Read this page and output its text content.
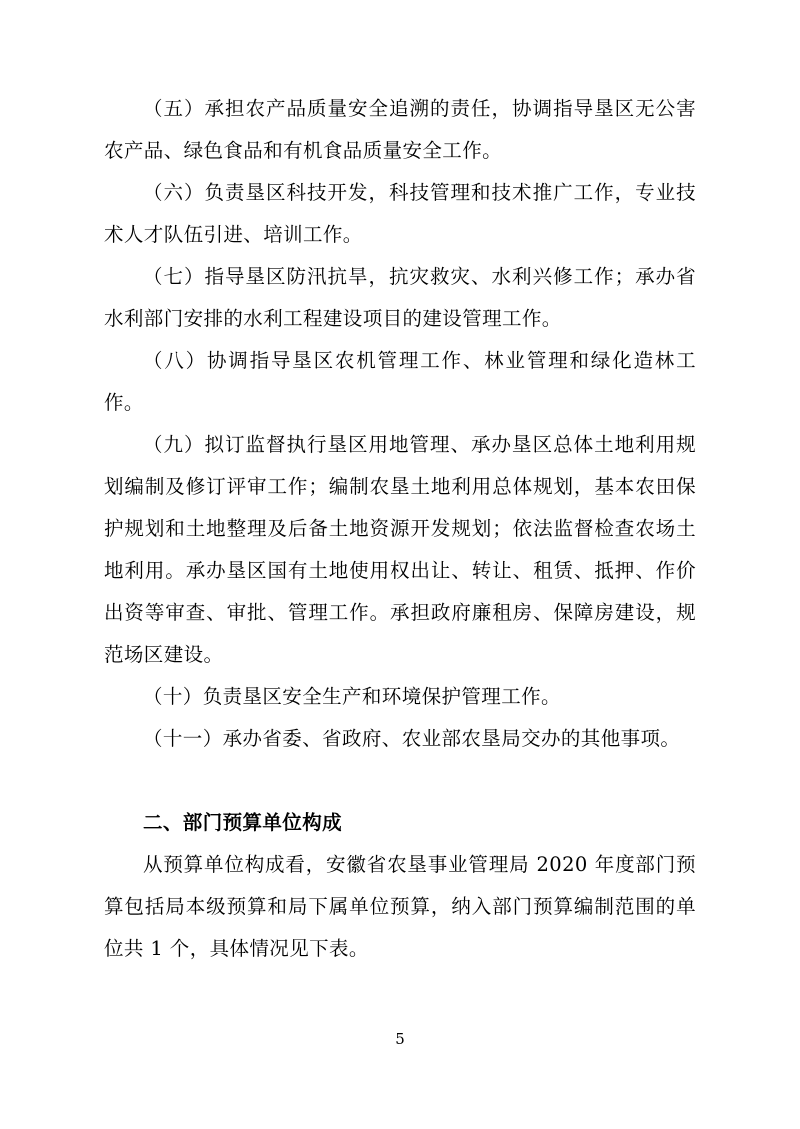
（五）承担农产品质量安全追溯的责任，协调指导垦区无公害农产品、绿色食品和有机食品质量安全工作。

（六）负责垦区科技开发，科技管理和技术推广工作，专业技术人才队伍引进、培训工作。

（七）指导垦区防汛抗旱，抗灾救灾、水利兴修工作；承办省水利部门安排的水利工程建设项目的建设管理工作。

（八）协调指导垦区农机管理工作、林业管理和绿化造林工作。

（九）拟订监督执行垦区用地管理、承办垦区总体土地利用规划编制及修订评审工作；编制农垦土地利用总体规划，基本农田保护规划和土地整理及后备土地资源开发规划；依法监督检查农场土地利用。承办垦区国有土地使用权出让、转让、租赁、抵押、作价出资等审查、审批、管理工作。承担政府廉租房、保障房建设，规范场区建设。

（十）负责垦区安全生产和环境保护管理工作。

（十一）承办省委、省政府、农业部农垦局交办的其他事项。

二、部门预算单位构成

从预算单位构成看，安徽省农垦事业管理局 2020 年度部门预算包括局本级预算和局下属单位预算，纳入部门预算编制范围的单位共 1 个，具体情况见下表。

5
